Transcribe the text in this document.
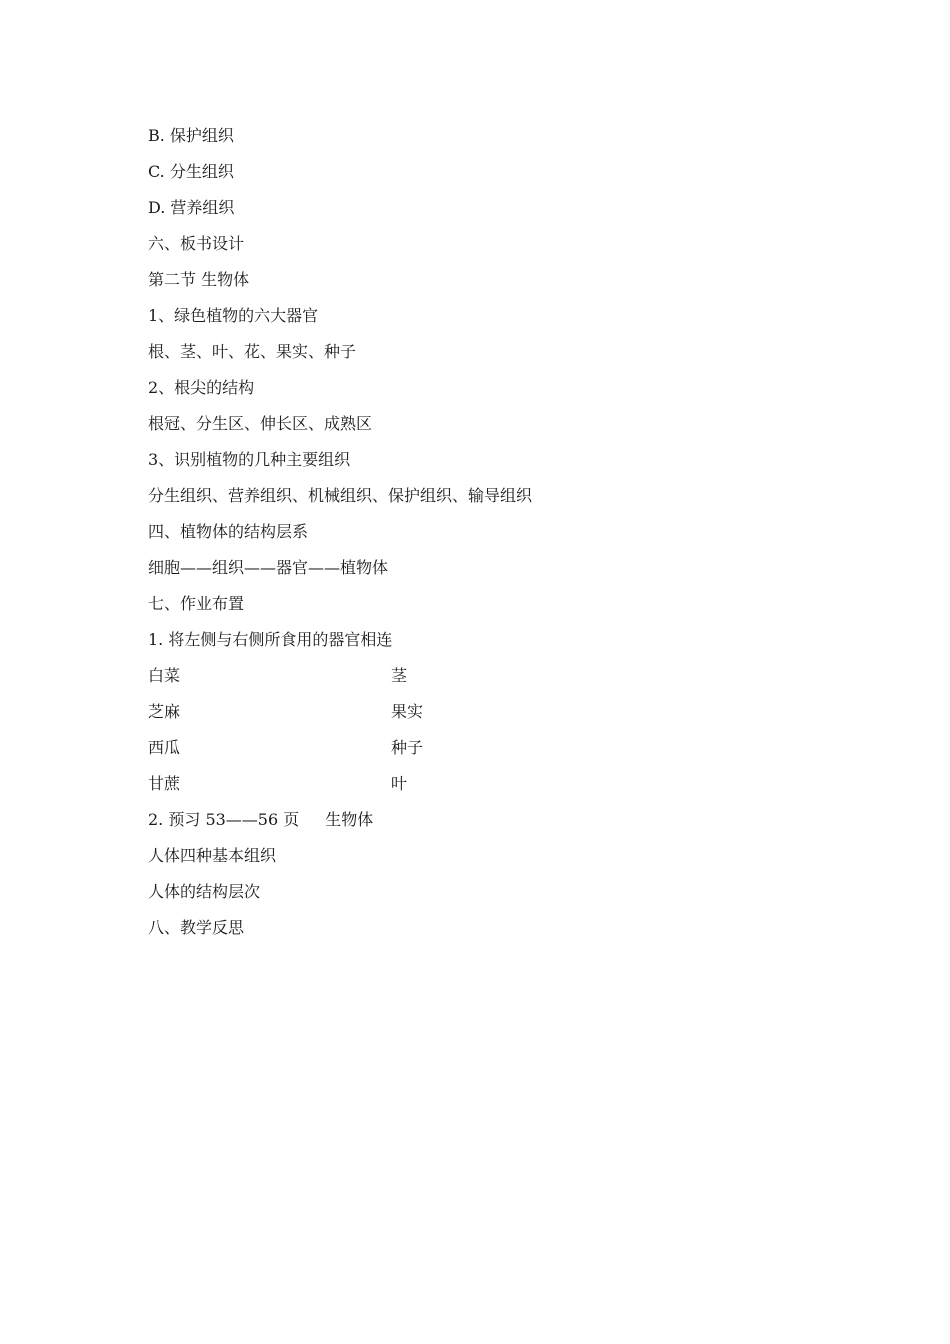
B. 保护组织
C. 分生组织
D. 营养组织
六、板书设计
第二节 生物体
1、绿色植物的六大器官
根、茎、叶、花、果实、种子
2、根尖的结构
根冠、分生区、伸长区、成熟区
3、识别植物的几种主要组织
分生组织、营养组织、机械组织、保护组织、输导组织
四、植物体的结构层系
细胞——组织——器官——植物体
七、作业布置
1. 将左侧与右侧所食用的器官相连
白菜	茎
芝麻	果实
西瓜	种子
甘蔗	叶
2. 预习 53——56 页 生物体
人体四种基本组织
人体的结构层次
八、教学反思
